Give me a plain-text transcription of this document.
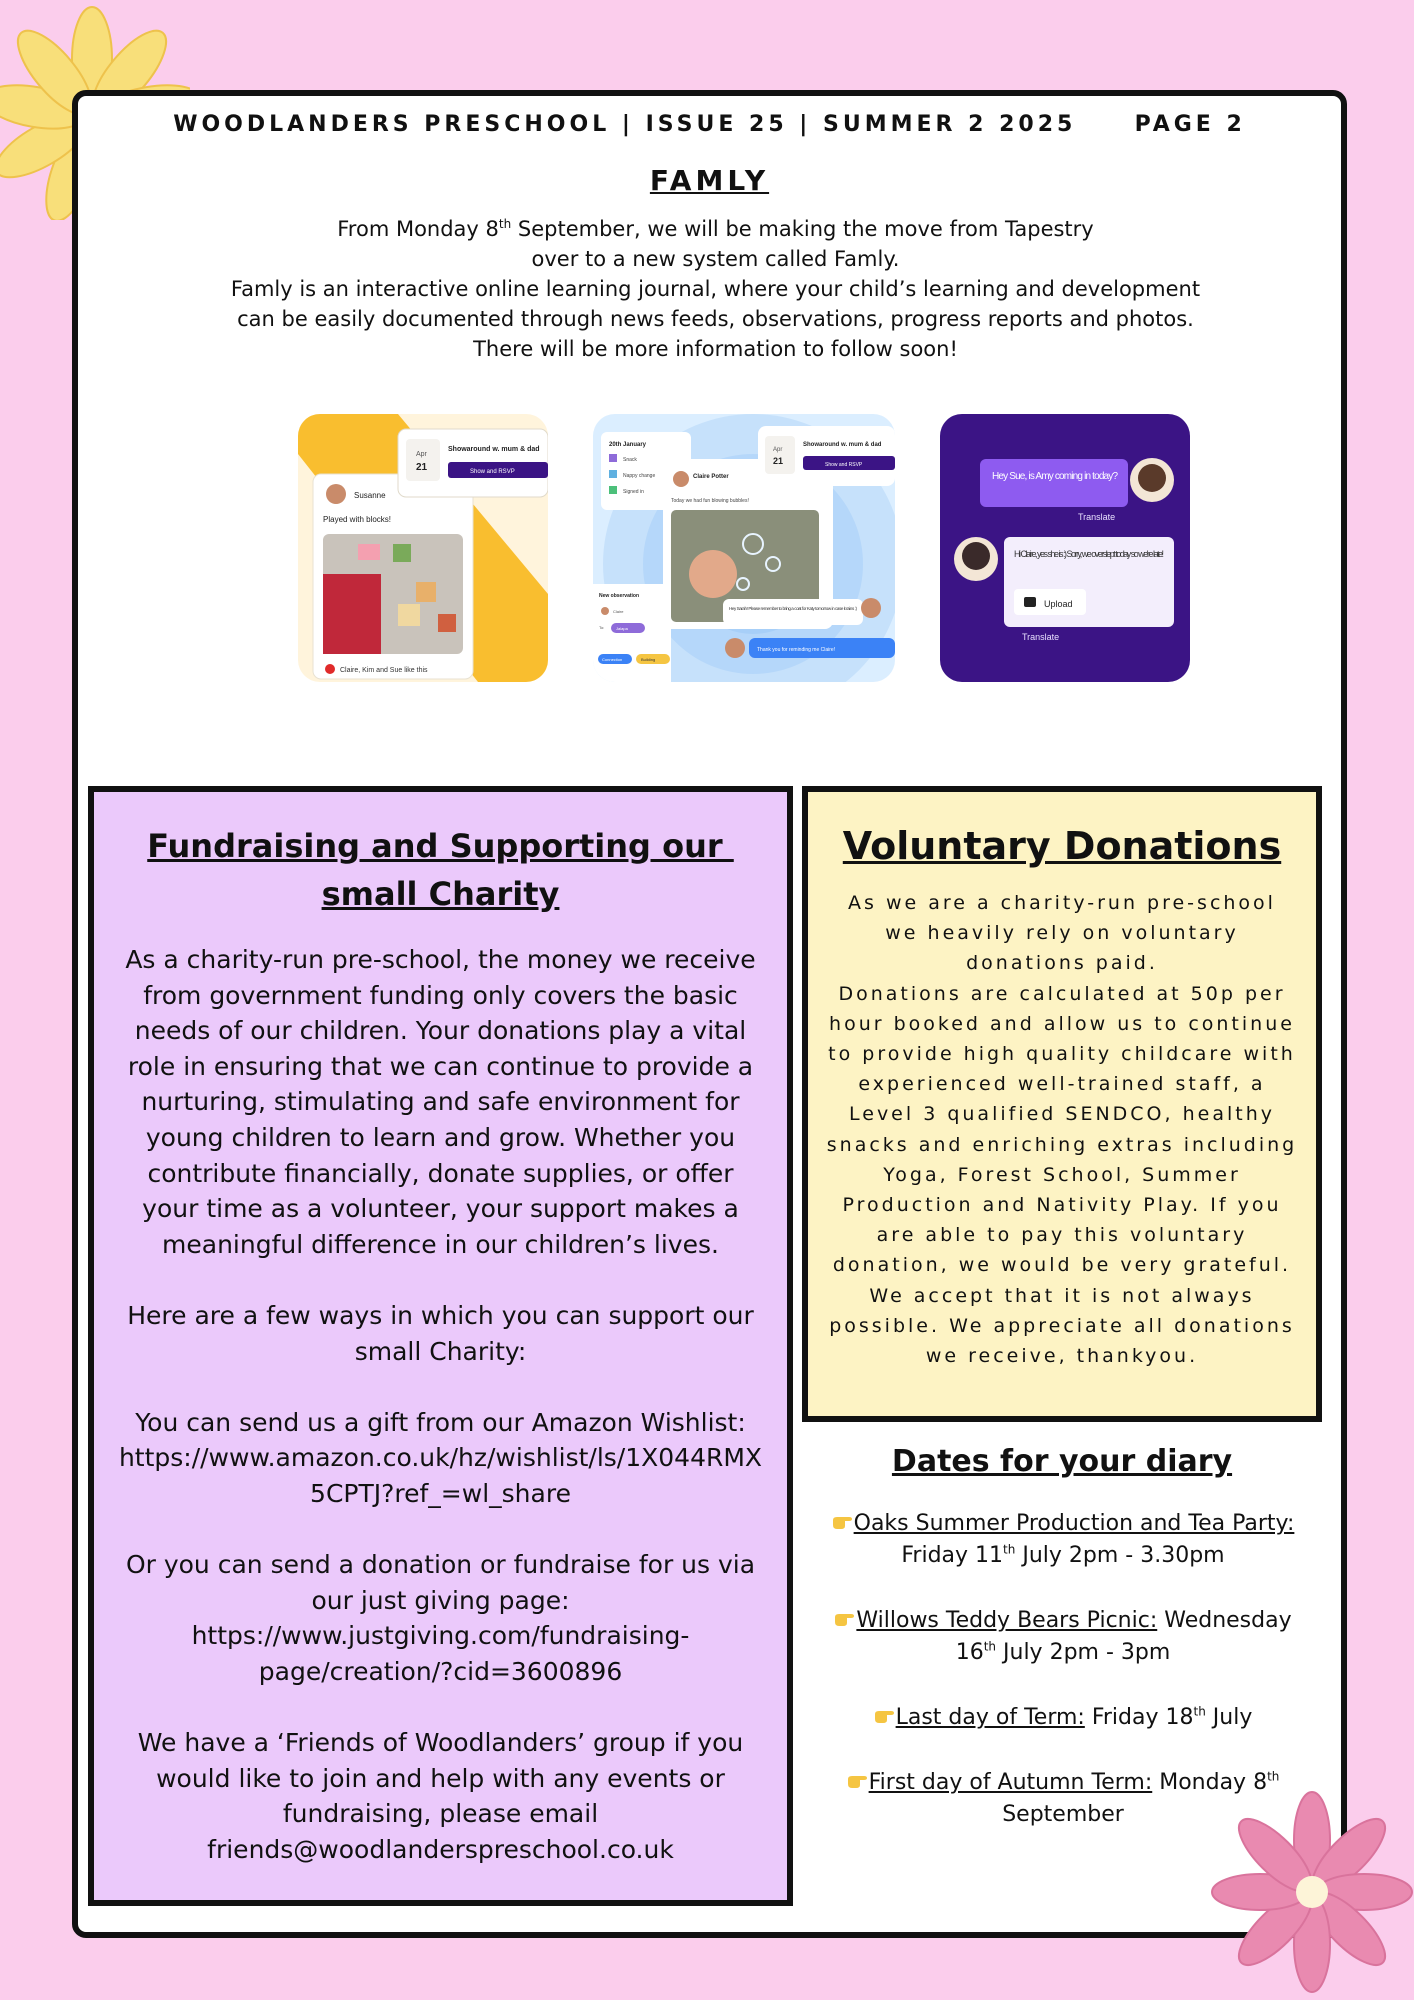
WOODLANDERS PRESCHOOL | ISSUE 25 | SUMMER 2 2025     PAGE 2
FAMLY

From Monday 8th September, we will be making the move from Tapestry

over to a new system called Famly.

Famly is an interactive online learning journal, where your child’s learning and development

can be easily documented through news feeds, observations, progress reports and photos.

There will be more information to follow soon!

Susanne
Played with blocks!
Claire, Kim and Sue like this
Apr
21
Showaround w. mum & dad
Show and RSVP
20th January
Snack
Nappy change
Signed in
Claire Potter
Today we had fun blowing bubbles!
Apr
21
Showaround w. mum & dad
Show and RSVP
New observation
Claire
To:	Jalapa
Connection	Building
Hey Sarah! Please remember to bring a coat for Katy tomorrow in case it rains :)
Thank you for reminding me Claire!
Hey Sue, is Amy coming in today?
Translate
Hi Claire, yes she is :) Sorry, we overslept today so we're late!
Upload
Translate
Fundraising and Supporting our
small Charity

As a charity-run pre-school, the money we receive from government funding only covers the basic needs of our children. Your donations play a vital role in ensuring that we can continue to provide a nurturing, stimulating and safe environment for young children to learn and grow. Whether you contribute financially, donate supplies, or offer your time as a volunteer, your support makes a meaningful difference in our children’s lives.

Here are a few ways in which you can support our small Charity:

You can send us a gift from our Amazon Wishlist:

https://www.amazon.co.uk/hz/wishlist/ls/1X044RMX5CPTJ?ref_=wl_share

Or you can send a donation or fundraise for us via our just giving page:

https://www.justgiving.com/fundraising-page/creation/?cid=3600896

We have a ‘Friends of Woodlanders’ group if you would like to join and help with any events or fundraising, please email

friends@woodlanderspreschool.co.uk

Voluntary Donations

As we are a charity-run pre-school we heavily rely on voluntary donations paid.

Donations are calculated at 50p per hour booked and allow us to continue to provide high quality childcare with experienced well-trained staff, a Level 3 qualified SENDCO, healthy snacks and enriching extras including Yoga, Forest School, Summer Production and Nativity Play. If you are able to pay this voluntary donation, we would be very grateful. We accept that it is not always possible. We appreciate all donations we receive, thankyou.

Dates for your diary
Oaks Summer Production and Tea Party: Friday 11th July 2pm - 3.30pm
Willows Teddy Bears Picnic: Wednesday 16th July 2pm - 3pm
Last day of Term: Friday 18th July
First day of Autumn Term: Monday 8th September
